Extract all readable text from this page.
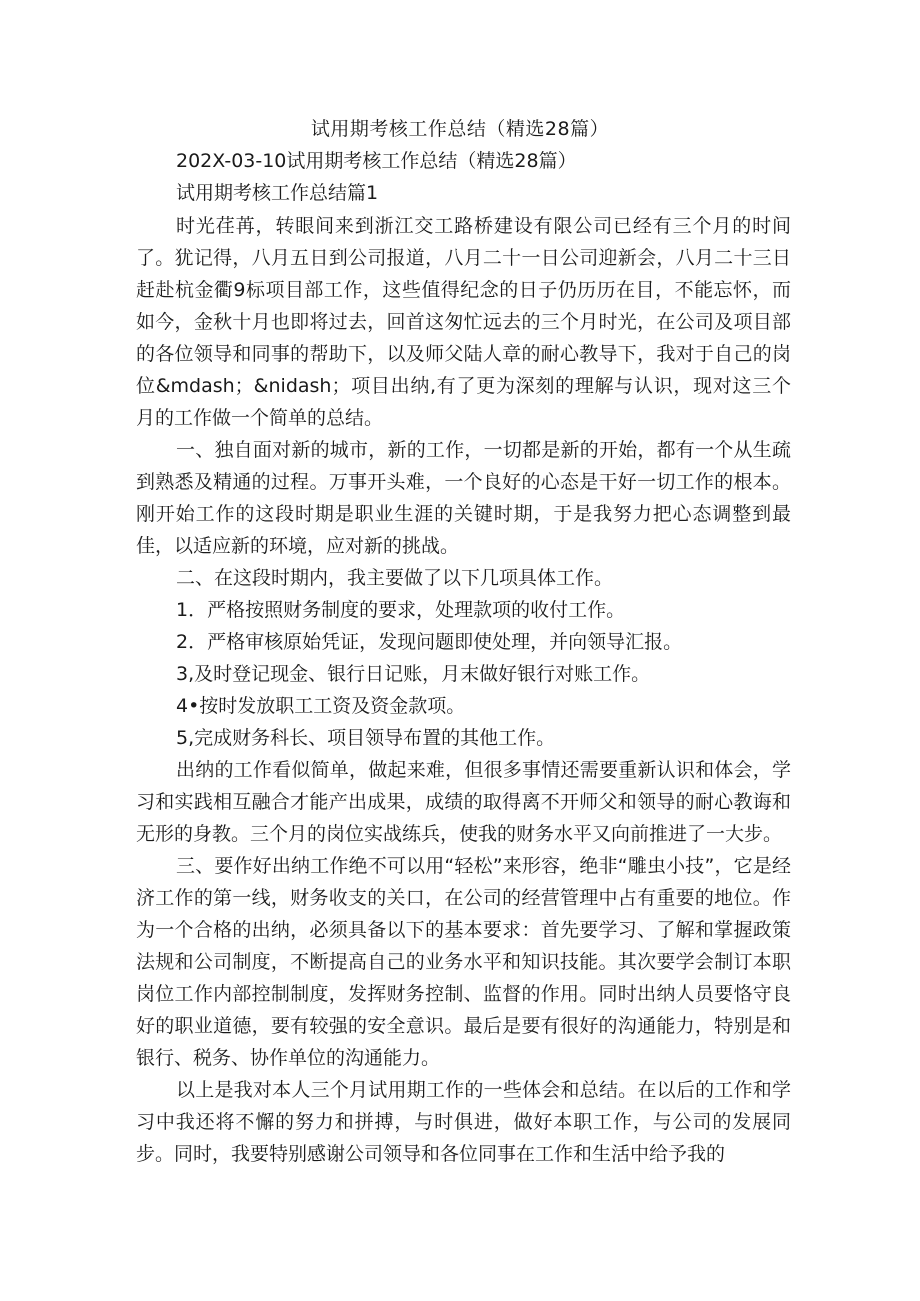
试用期考核工作总结（精选28篇）
202X-03-10试用期考核工作总结（精选28篇）
试用期考核工作总结篇1

时光荏苒，转眼间来到浙江交工路桥建设有限公司已经有三个月的时间了。犹记得，八月五日到公司报道，八月二十一日公司迎新会，八月二十三日赶赴杭金衢9标项目部工作，这些值得纪念的日子仍历历在目，不能忘怀，而如今，金秋十月也即将过去，回首这匆忙远去的三个月时光，在公司及项目部的各位领导和同事的帮助下，以及师父陆人章的耐心教导下，我对于自己的岗位&mdash；&nidash；项目出纳,有了更为深刻的理解与认识，现对这三个月的工作做一个简单的总结。

一、独自面对新的城市，新的工作，一切都是新的开始，都有一个从生疏到熟悉及精通的过程。万事开头难，一个良好的心态是干好一切工作的根本。刚开始工作的这段时期是职业生涯的关键时期，于是我努力把心态调整到最佳，以适应新的环境，应对新的挑战。

二、在这段时期内，我主要做了以下几项具体工作。

1．严格按照财务制度的要求，处理款项的收付工作。

2．严格审核原始凭证，发现问题即使处理，并向领导汇报。

3,及时登记现金、银行日记账，月末做好银行对账工作。

4•按时发放职工工资及资金款项。

5,完成财务科长、项目领导布置的其他工作。

出纳的工作看似简单，做起来难，但很多事情还需要重新认识和体会，学习和实践相互融合才能产出成果，成绩的取得离不开师父和领导的耐心教诲和无形的身教。三个月的岗位实战练兵，使我的财务水平又向前推进了一大步。

三、要作好出纳工作绝不可以用“轻松”来形容，绝非“雕虫小技”，它是经济工作的第一线，财务收支的关口，在公司的经营管理中占有重要的地位。作为一个合格的出纳，必须具备以下的基本要求：首先要学习、了解和掌握政策法规和公司制度，不断提高自己的业务水平和知识技能。其次要学会制订本职岗位工作内部控制制度，发挥财务控制、监督的作用。同时出纳人员要恪守良好的职业道德，要有较强的安全意识。最后是要有很好的沟通能力，特别是和银行、税务、协作单位的沟通能力。

以上是我对本人三个月试用期工作的一些体会和总结。在以后的工作和学习中我还将不懈的努力和拼搏，与时俱进，做好本职工作，与公司的发展同步。同时，我要特别感谢公司领导和各位同事在工作和生活中给予我的
